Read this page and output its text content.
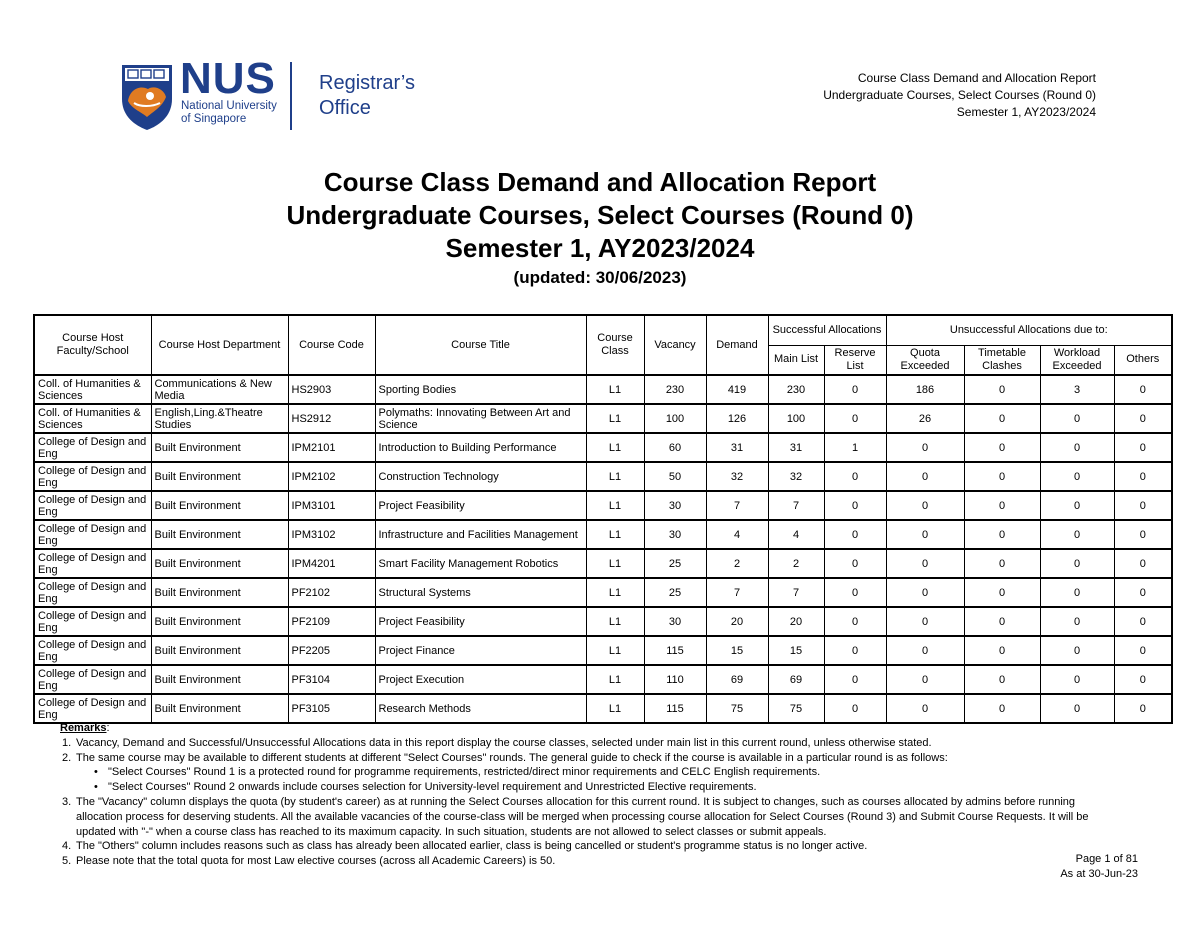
NUS
National University
of Singapore
Registrar’s
Office
Course Class Demand and Allocation Report
Undergraduate Courses, Select Courses (Round 0)
Semester 1, AY2023/2024
Course Class Demand and Allocation Report
Undergraduate Courses, Select Courses (Round 0)
Semester 1, AY2023/2024
(updated: 30/06/2023)
Course Host Faculty/School	Course Host Department	Course Code	Course Title	Course Class	Vacancy	Demand	Successful Allocations		Unsuccessful Allocations due to:			
							Main List	Reserve List	Quota Exceeded	Timetable Clashes	Workload Exceeded	Others
Coll. of Humanities & Sciences	Communications & New Media	HS2903	Sporting Bodies	L1	230	419	230	0	186	0	3	0
Coll. of Humanities & Sciences	English,Ling.&Theatre Studies	HS2912	Polymaths: Innovating Between Art and Science	L1	100	126	100	0	26	0	0	0
College of Design and Eng	Built Environment	IPM2101	Introduction to Building Performance	L1	60	31	31	1	0	0	0	0
College of Design and Eng	Built Environment	IPM2102	Construction Technology	L1	50	32	32	0	0	0	0	0
College of Design and Eng	Built Environment	IPM3101	Project Feasibility	L1	30	7	7	0	0	0	0	0
College of Design and Eng	Built Environment	IPM3102	Infrastructure and Facilities Management	L1	30	4	4	0	0	0	0	0
College of Design and Eng	Built Environment	IPM4201	Smart Facility Management Robotics	L1	25	2	2	0	0	0	0	0
College of Design and Eng	Built Environment	PF2102	Structural Systems	L1	25	7	7	0	0	0	0	0
College of Design and Eng	Built Environment	PF2109	Project Feasibility	L1	30	20	20	0	0	0	0	0
College of Design and Eng	Built Environment	PF2205	Project Finance	L1	115	15	15	0	0	0	0	0
College of Design and Eng	Built Environment	PF3104	Project Execution	L1	110	69	69	0	0	0	0	0
College of Design and Eng	Built Environment	PF3105	Research Methods	L1	115	75	75	0	0	0	0	0
Remarks:
1. Vacancy, Demand and Successful/Unsuccessful Allocations data in this report display the course classes, selected under main list in this current round, unless otherwise stated.
2. The same course may be available to different students at different "Select Courses" rounds. The general guide to check if the course is available in a particular round is as follows:
• "Select Courses" Round 1 is a protected round for programme requirements, restricted/direct minor requirements and CELC English requirements.
• "Select Courses" Round 2 onwards include courses selection for University-level requirement and Unrestricted Elective requirements.
3. The "Vacancy" column displays the quota (by student's career) as at running the Select Courses allocation for this current round. It is subject to changes, such as courses allocated by admins before running allocation process for deserving students. All the available vacancies of the course-class will be merged when processing course allocation for Select Courses (Round 3) and Submit Course Requests. It will be updated with "-" when a course class has reached to its maximum capacity. In such situation, students are not allowed to select classes or submit appeals.
4. The "Others" column includes reasons such as class has already been allocated earlier, class is being cancelled or student's programme status is no longer active.
5. Please note that the total quota for most Law elective courses (across all Academic Careers) is 50.	Page 1 of 81
As at 30-Jun-23
